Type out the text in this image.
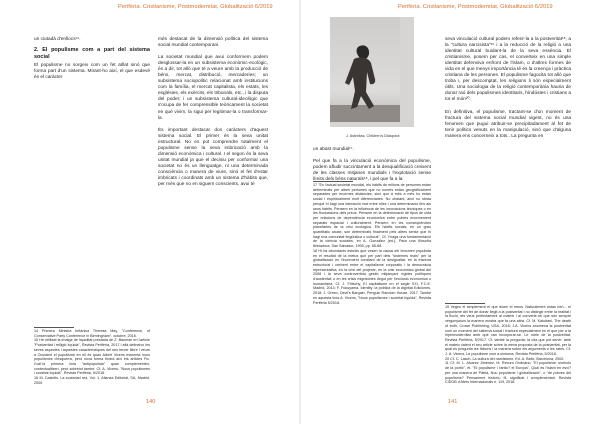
Perifèria. Cristianisme, Postmodernitat, Globalització 6/2019	Perifèria. Cristianisme, Postmodernitat, Globalització 6/2019

un ciutadà d'enllocs¹⁴.

2. El populisme com a part del sistema social

El populisme no sorgeix com un fet aïllat sinó que forma part d'un sistema. Mirant-ho així, el que esdevé és el caràcter

més destacat de la dimensió política del sistema social mundial contemporani.

La societat mundial que avui conformem podem desglossar-la en un subsistema econòmic-ecològic, és a dir, tot allò que té a veure amb la producció de béns, mercat, distribució, mercaderies; un subsistema sociopolític relacionat amb institucions com la família, el mercat capitalista, els estats, les esglésies, els exèrcits, els tribunals, etc., i la disputa del poder; i un subsistema cultural-ideològic que s'ocupa de fer comprensible teòricament la societat en què vivim, la sigui per legitimar-la o transformar-la.

És important destacar dos caràcters d'aquest sistema social. El primer és la seva unitat estructural. No es pot comprendre totalment el populisme sense la seva imbricació amb la dimensió econòmica i cultural. I el segon és la seva unitat mundial ja que el decisiu per conformar una societat no és un llenguatge, ni una determinada consciència o manera de viure, sinó el fet d'estar imbricats i coordinats amb un sistema d'hàbits que, per més que no en siguem conscients, avui té

14 Primera Ministra britànica Theresa May, "Conference, of Conservative Party Conference in Birmingham", octubre, 2016.

15 He utilitzat la imatge de liquiditat prestada de Z. Bauman en l'article "Postveritat i relligió líquida", Revista Perifèria, 2017 i allà defineixo les seves aspectes i aquestes característiques del seu tercer llibre i veure a Occident el populisme en ell és quan Albert Vicens esmenta nous populismes d'esquerra, però nova forma tindrà així els articles Fic. l'ocil·la primera línia "antipopulista" quan complementen, contextualitzen, però sobretot també. Cf. A. Vicens, "Nous populismes i societat líquida", Revista Perifèria, 5/2018.

16 M. Castells, La sociedad red, Vol. 1, Alianza Editorial, SA, Madrid, 2000.

140

un abast mundial¹⁷.

Pel que fa a la vinculació econòmica del populisme, podem afludir succintament a la desqualificació creixent de les classes mitjanes mundials i l'explotació sense límits dels béns naturals¹⁸, i pel que fa a la

17 "En l'actual societat mundial, els hàbits de milions de persones estan determinats per altres persones que no només estan geogràficament separades per enormes distàncies, sinó que a més a més ho estan social i espiritualment molt diferenciades. No obstant, això no obsta perquè hi hagi una interacció real entre elles i una determinació fins als seus hàbits. Pensem en la influència de les innovacions tècniques o en les fluctuacions dels preus. Pensem en la determinació de tipus de vida per relacions de dependència econòmica entre pobles enormement separats espacial i culturalment. Pensem en les conseqüències planetàries de la crisi ecològica. Els hàbits socials, en un grau quantitatiu cause, són determinats finalment pels altres sense que hi hagi una comunitat lingüística o cultural", Cf. Ynaga una fundamentació de la ciència sociales, en A. González (ed.), Para una filosofía liberadora, San Salvador, 1995, pp. 65-68.

18 Hi ha abundants estudis que vesen la causa del fenomen populista en el resultat de la metus que per part dels "sistemes reals" per la globalització en l'increment constant de la desigualtat, en la fractura estructural i creixent entre el capitalisme corporatiu i la democràcia representativa, en la crisi del projecte, en la crisi econòmica global del 2008 i la seva controvertida gestió mitjançant rígides polítiques d'austeritat; o en les crisis migratòries degut per l'exclusió econòmica o humanitària. Cf. J. Fritschy, El capitalisme en el segle XXI, F.C.E. Madrid, 2014; F. Fukuyama, Identity: la política de la dignitat Ediciones, 2018; J. Green, Devil's Bargain, Penguin Random House, 2017. També en aquesta línia A. Vicens, "Nous populismes i societat líquida", Revista Perifèria 5/2018.

J. Astrellas, Children's Diaspora
141

seva vinculació cultural podem referir-la a la postveritat¹⁸, a la "cultura narcisista"¹⁹ i a la reducció de la religió a una identitat cultural buidant-la de la seva essència. El cristianisme, posem per cas, el converteix en una simple identitat defensiva enfront de l'islam, o d'altres formes de vida en el que menys importància té és la creença i pràctica cristiana de les persones. El populisme fagocita tot allò que troba i, per descomptat, les religions li són especialment útils. Una sociologia de la religió contemporània hauria de donar raó dels populismes identitaris, híndústes i cristians a tot el món²⁰.

En definitiva, el populisme, tractant-se d'un moment de fractura del sistema social mundial vigent, no és una fenomen que pugui atribuir-se precipitadament al fet de tenir polítics venuts en la manipulació, sinó que d'alguna manera ens concerneix a tots.. La pregunta en

19 Vegeu el simplement el que diuen el meus. Naturalment estan ben... el populisme del fet de donar llegit a la postveritat i no distingir entre la realitat i la ficció, els veus perfectament al mateix i al convertir-ne que són sempre vergonyosos la manera mostra que fa una altra. Cf. M. Kakutani, The death of truth, Crown Publishing, USA, 2018; J.A. Vicens anomena la postveritat com un moment del sistema social i fractura especialment en el que per a la hipermodernitat amb què van incorporar-se. Le roble de la postveritat, Revista Perifèria, 5/2017. Cf. també la pregunta; la cita que pot servir: amb el mateix valent el seu article sobre la meva proposta de la postveritat, per la qual es pregunta les fictions i la manera sobre els arguments o les rates. Cf. J. A. Vicens, Le populisme com a síntoma, Revista Perifèria, 5/2018.

20 Cf. C. Lasch, La cultura del narcisisme, Ed. A. Bello, Barcelona, 2000.

11 Cf. M. L. Alvarez Jiménez, M. Recuro Ordinario, "El populisme: símbols de la pòrtic", et. "El populisme i l'antic? el Europa", Qual és l'islam en esvi? per una manera de Pàtria, Nou populisme i globalització", o "de pobres del populisme? Pensament històric: fil, significat i complementari. Revista CIDOB d'Afers Internacionals n. 119, 2018.
